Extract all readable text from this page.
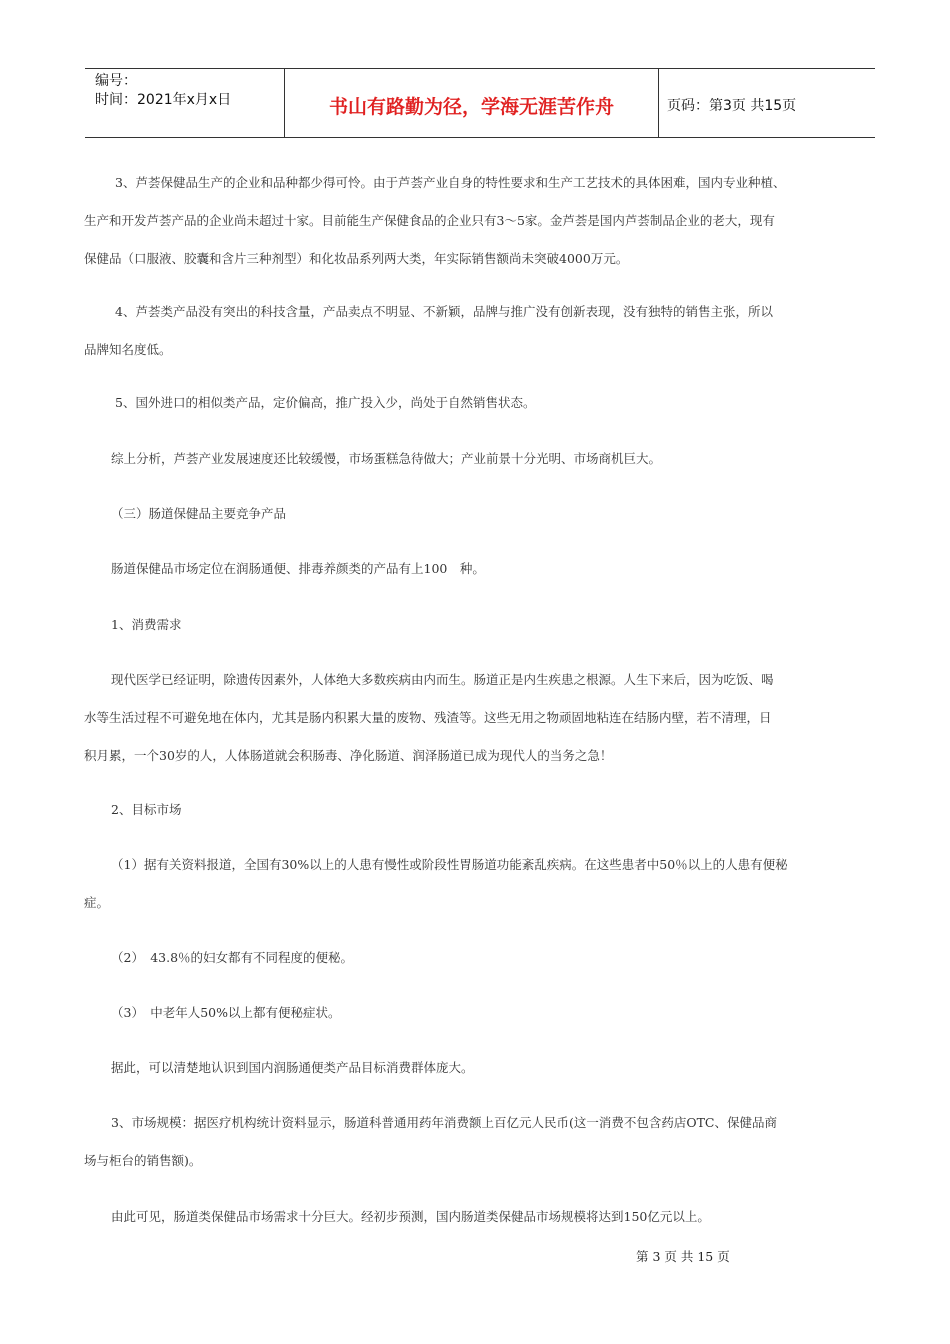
编号：
时间：2021年x月x日	书山有路勤为径，学海无涯苦作舟	页码：第3页 共15页
3、芦荟保健品生产的企业和品种都少得可怜。由于芦荟产业自身的特性要求和生产工艺技术的具体困难，国内专业种植、
生产和开发芦荟产品的企业尚未超过十家。目前能生产保健食品的企业只有3～5家。金芦荟是国内芦荟制品企业的老大，现有
保健品（口服液、胶囊和含片三种剂型）和化妆品系列两大类，年实际销售额尚未突破4000万元。
4、芦荟类产品没有突出的科技含量，产品卖点不明显、不新颖，品牌与推广没有创新表现，没有独特的销售主张，所以
品牌知名度低。
5、国外进口的相似类产品，定价偏高，推广投入少，尚处于自然销售状态。
综上分析，芦荟产业发展速度还比较缓慢，市场蛋糕急待做大；产业前景十分光明、市场商机巨大。
（三）肠道保健品主要竞争产品
肠道保健品市场定位在润肠通便、排毒养颜类的产品有上100　种。
1、消费需求
现代医学已经证明，除遗传因素外，人体绝大多数疾病由内而生。肠道正是内生疾患之根源。人生下来后，因为吃饭、喝
水等生活过程不可避免地在体内，尤其是肠内积累大量的废物、残渣等。这些无用之物顽固地粘连在结肠内壁，若不清理，日
积月累，一个30岁的人，人体肠道就会积肠毒、净化肠道、润泽肠道已成为现代人的当务之急！
2、目标市场
（1）据有关资料报道，全国有30%以上的人患有慢性或阶段性胃肠道功能紊乱疾病。在这些患者中50％以上的人患有便秘
症。
（2）　43.8％的妇女都有不同程度的便秘。
（3）　中老年人50%以上都有便秘症状。
据此，可以清楚地认识到国内润肠通便类产品目标消费群体庞大。
3、市场规模：据医疗机构统计资料显示，肠道科普通用药年消费额上百亿元人民币(这一消费不包含药店OTC、保健品商
场与柜台的销售额)。
由此可见，肠道类保健品市场需求十分巨大。经初步预测，国内肠道类保健品市场规模将达到150亿元以上。
第 3 页 共 15 页
